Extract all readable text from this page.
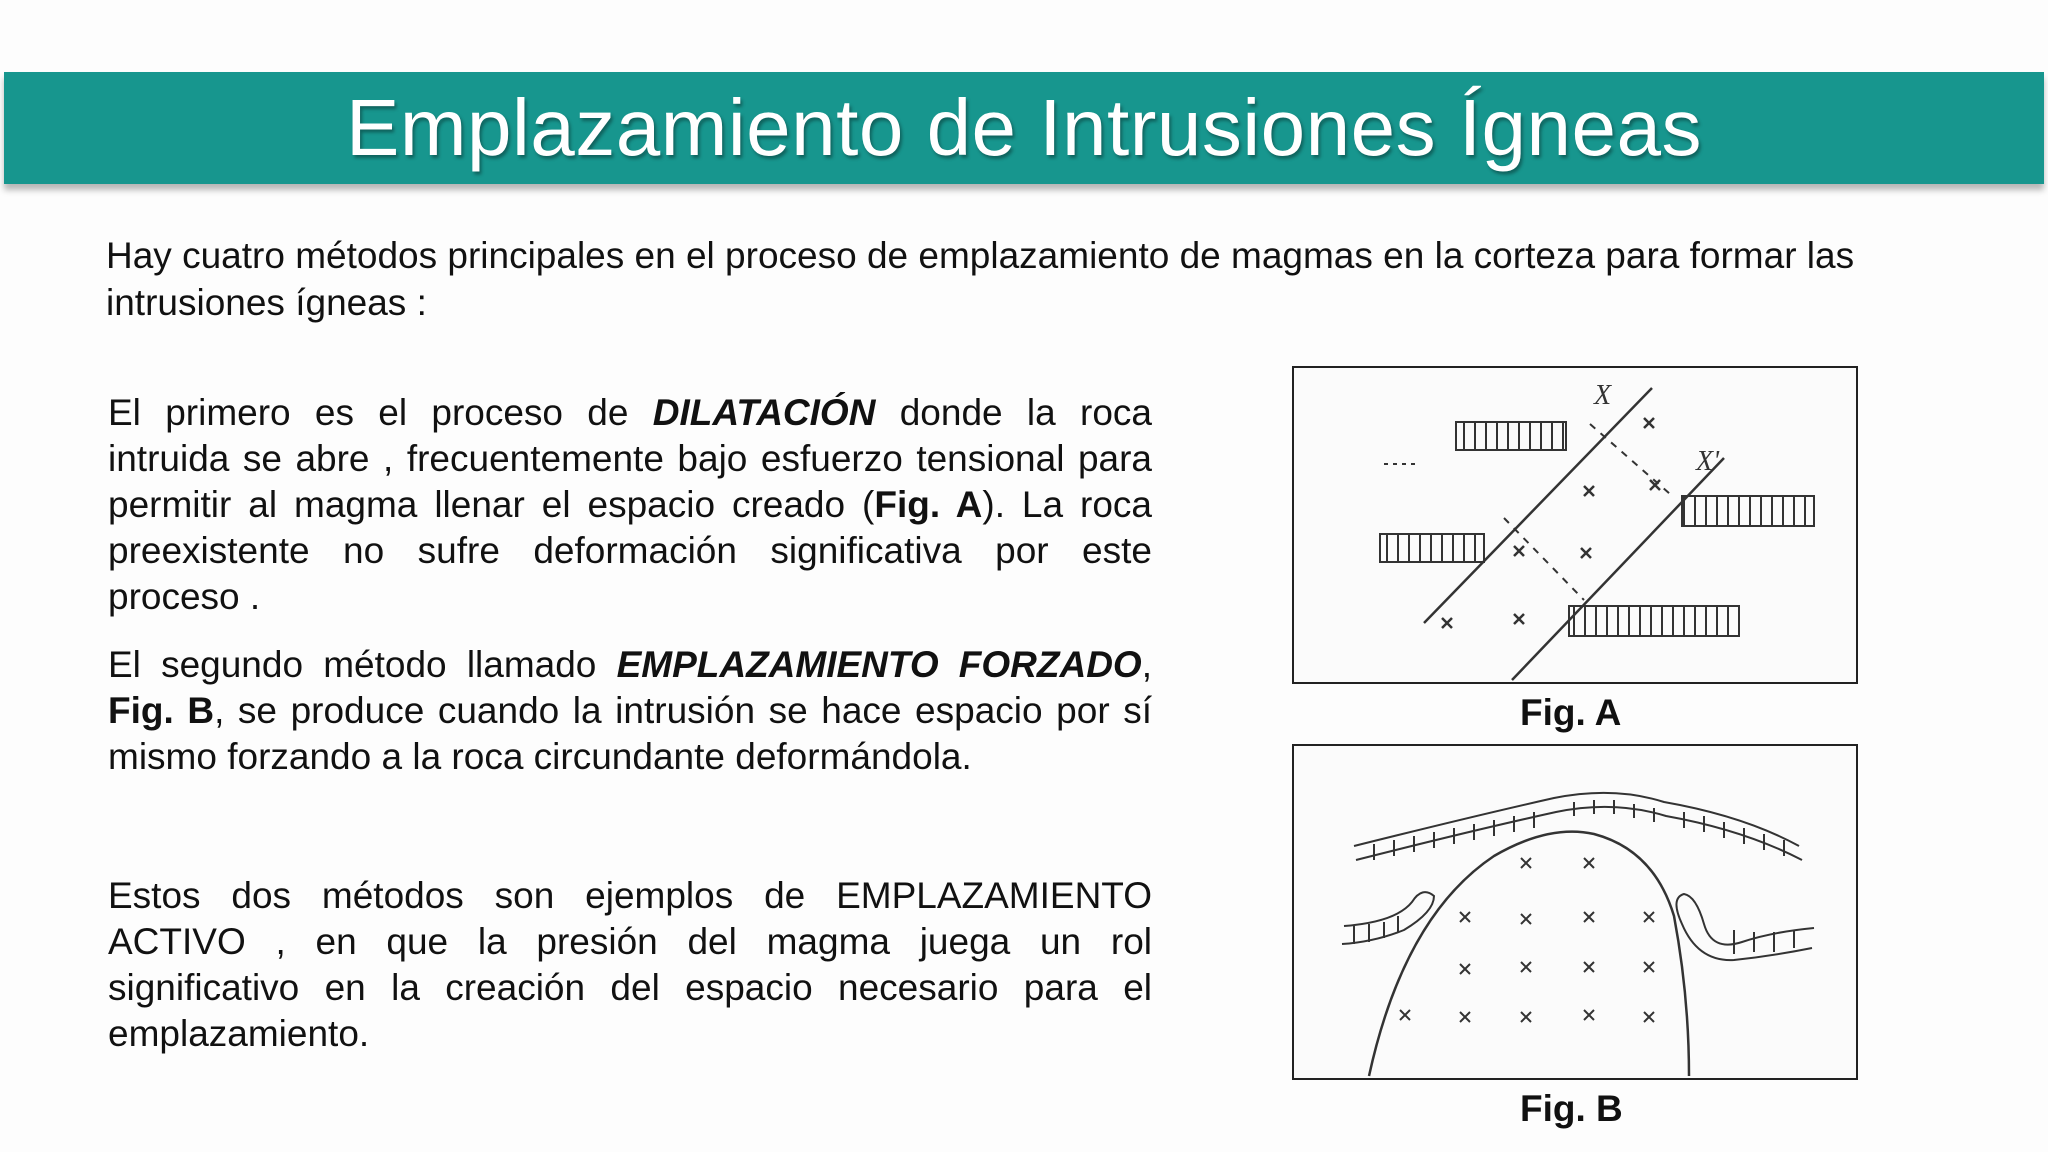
Emplazamiento de Intrusiones Ígneas

Hay cuatro métodos principales en el proceso de emplazamiento de magmas en la corteza para formar las intrusiones ígneas :

El primero es el proceso de DILATACIÓN donde la roca intruida se abre , frecuentemente bajo esfuerzo tensional para permitir al magma llenar el espacio creado (Fig. A). La roca preexistente no sufre deformación significativa por este proceso .

El segundo método llamado EMPLAZAMIENTO FORZADO, Fig. B, se produce cuando la intrusión se hace espacio por sí mismo forzando a la roca circundante deformándola.

Estos dos métodos son ejemplos de EMPLAZAMIENTO ACTIVO , en que la presión del magma juega un rol significativo en la creación del espacio necesario para el emplazamiento.

X
X'

Fig. A

Fig. B
